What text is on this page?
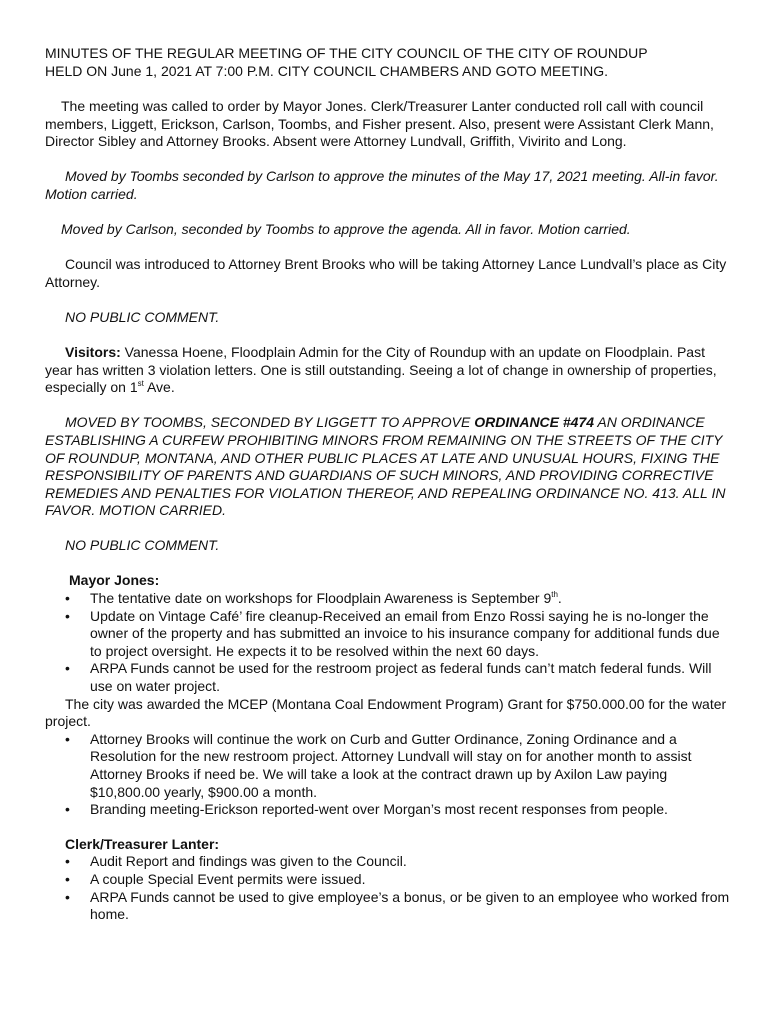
MINUTES OF THE REGULAR MEETING OF THE CITY COUNCIL OF THE CITY OF ROUNDUP
HELD ON June 1, 2021 AT 7:00 P.M. CITY COUNCIL CHAMBERS AND GOTO MEETING.

The meeting was called to order by Mayor Jones. Clerk/Treasurer Lanter conducted roll call with council members, Liggett, Erickson, Carlson, Toombs, and Fisher present. Also, present were Assistant Clerk Mann, Director Sibley and Attorney Brooks. Absent were Attorney Lundvall, Griffith, Vivirito and Long.

Moved by Toombs seconded by Carlson to approve the minutes of the May 17, 2021 meeting. All-in favor. Motion carried.

Moved by Carlson, seconded by Toombs to approve the agenda. All in favor. Motion carried.

Council was introduced to Attorney Brent Brooks who will be taking Attorney Lance Lundvall’s place as City Attorney.

NO PUBLIC COMMENT.

Visitors: Vanessa Hoene, Floodplain Admin for the City of Roundup with an update on Floodplain. Past year has written 3 violation letters. One is still outstanding. Seeing a lot of change in ownership of properties, especially on 1st Ave.

MOVED BY TOOMBS, SECONDED BY LIGGETT TO APPROVE ORDINANCE #474 AN ORDINANCE ESTABLISHING A CURFEW PROHIBITING MINORS FROM REMAINING ON THE STREETS OF THE CITY OF ROUNDUP, MONTANA, AND OTHER PUBLIC PLACES AT LATE AND UNUSUAL HOURS, FIXING THE RESPONSIBILITY OF PARENTS AND GUARDIANS OF SUCH MINORS, AND PROVIDING CORRECTIVE REMEDIES AND PENALTIES FOR VIOLATION THEREOF, AND REPEALING ORDINANCE NO. 413. ALL IN FAVOR. MOTION CARRIED.

NO PUBLIC COMMENT.

Mayor Jones:

• The tentative date on workshops for Floodplain Awareness is September 9th.
• Update on Vintage Café’ fire cleanup-Received an email from Enzo Rossi saying he is no-longer the owner of the property and has submitted an invoice to his insurance company for additional funds due to project oversight. He expects it to be resolved within the next 60 days.
• ARPA Funds cannot be used for the restroom project as federal funds can’t match federal funds. Will use on water project.

The city was awarded the MCEP (Montana Coal Endowment Program) Grant for $750.000.00 for the water project.

• Attorney Brooks will continue the work on Curb and Gutter Ordinance, Zoning Ordinance and a Resolution for the new restroom project. Attorney Lundvall will stay on for another month to assist Attorney Brooks if need be. We will take a look at the contract drawn up by Axilon Law paying $10,800.00 yearly, $900.00 a month.
• Branding meeting-Erickson reported-went over Morgan’s most recent responses from people.

Clerk/Treasurer Lanter:

• Audit Report and findings was given to the Council.
• A couple Special Event permits were issued.
• ARPA Funds cannot be used to give employee’s a bonus, or be given to an employee who worked from home.
